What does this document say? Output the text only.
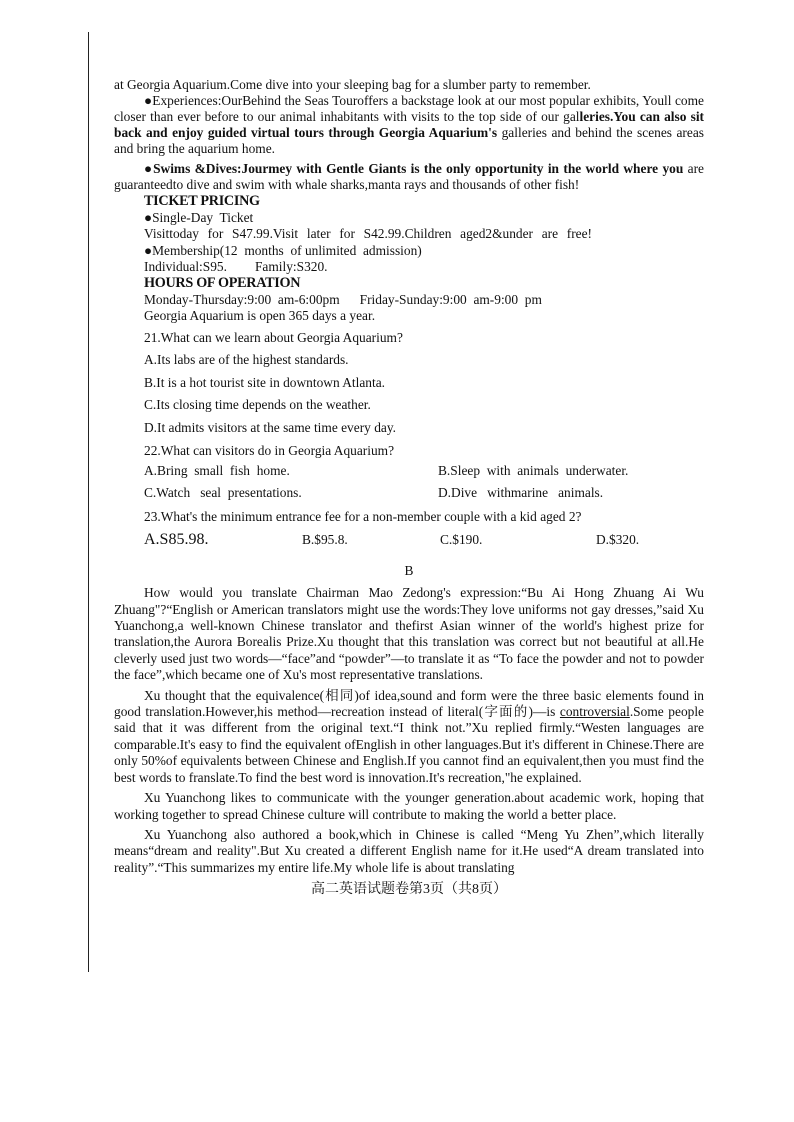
at Georgia Aquarium.Come dive into your sleeping bag for a slumber party to remember.

●Experiences:OurBehind the Seas Touroffers a backstage look at our most popular exhibits, Youll come closer than ever before to our animal inhabitants with visits to the top side of our galleries.You can also sit back and enjoy guided virtual tours through Georgia Aquarium's galleries and behind the scenes areas and bring the aquarium home.

●Swims &Dives:Jourmey with Gentle Giants is the only opportunity in the world where you are guaranteedto dive and swim with whale sharks,manta rays and thousands of other fish!

TICKET PRICING
●Single-Day  Ticket
Visittoday  for  S47.99.Visit  later  for  S42.99.Children  aged2&under  are  free!
●Membership(12  months  of unlimited  admission)
Individual:S95. Family:S320.
HOURS OF OPERATION
Monday-Thursday:9:00  am-6:00pm Friday-Sunday:9:00  am-9:00  pm
Georgia Aquarium is open 365 days a year.
21.What can we learn about Georgia Aquarium?
A.Its labs are of the highest standards.
B.It is a hot tourist site in downtown Atlanta.
C.Its closing time depends on the weather.
D.It admits visitors at the same time every day.
22.What can visitors do in Georgia Aquarium?
A.Bring  small  fish  home.	B.Sleep  with  animals  underwater.
C.Watch   seal  presentations.	D.Dive   withmarine   animals.
23.What's the minimum entrance fee for a non-member couple with a kid aged 2?
A.S85.98.	B.$95.8.	C.$190.	D.$320.
B

How would you translate Chairman Mao Zedong's expression:“Bu Ai Hong Zhuang Ai Wu Zhuang"?“English or American translators might use the words:They love uniforms not gay dresses,”said Xu Yuanchong,a well-known Chinese translator and thefirst Asian winner of the world's highest prize for translation,the Aurora Borealis Prize.Xu thought that this translation was correct but not beautiful at all.He cleverly used just two words—“face”and “powder”—to translate it as “To face the powder and not to powder the face”,which became one of Xu's most representative translations.

Xu thought that the equivalence(相同)of idea,sound and form were the three basic elements found in good translation.However,his method—recreation instead of literal(字面的)—is controversial.Some people said that it was different from the original text.“I think not.”Xu replied firmly.“Westen languages are comparable.It's easy to find the equivalent ofEnglish in other languages.But it's different in Chinese.There are only 50%of equivalents between Chinese and English.If you cannot find an equivalent,then you must find the best words to franslate.To find the best word is innovation.It's recreation,"he explained.

Xu Yuanchong likes to communicate with the younger generation.about academic work, hoping that working together to spread Chinese culture will contribute to making the world a better place.

Xu Yuanchong also authored a book,which in Chinese is called “Meng Yu Zhen”,which literally means“dream and reality".But Xu created a different English name for it.He used“A dream translated into reality”.“This summarizes my entire life.My whole life is about translating

高二英语试题卷第3页（共8页）
